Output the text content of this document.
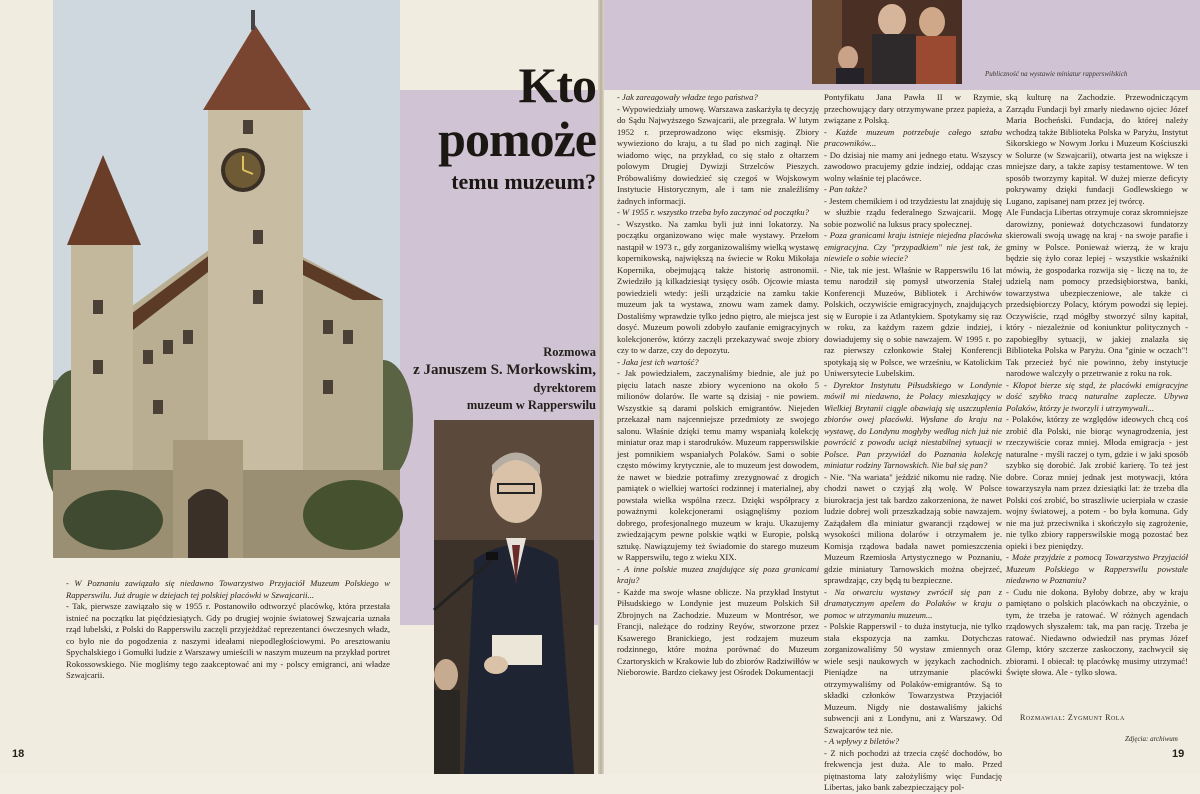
Kto
pomoże
temu muzeum?
Rozmowa
z Januszem S. Morkowskim,
dyrektorem
muzeum w Rapperswilu
Publiczność na wystawie miniatur rapperswilskich

- W Poznaniu zawiązało się niedawno Towarzystwo Przyjaciół Muzeum Polskiego w Rapperswilu. Już drugie w dziejach tej polskiej placówki w Szwajcarii...

- Tak, pierwsze zawiązało się w 1955 r. Postanowiło odtworzyć placówkę, która przestała istnieć na początku lat pięćdziesiątych. Gdy po drugiej wojnie światowej Szwajcaria uznała rząd lubelski, z Polski do Rapperswilu zaczęli przyjeżdżać reprezentanci ówczesnych władz, co było nie do pogodzenia z naszymi ideałami niepodległościowymi. Po aresztowaniu Spychalskiego i Gomułki ludzie z Warszawy umieścili w naszym muzeum na przykład portret Rokossowskiego. Nie mogliśmy tego zaakceptować ani my - polscy emigranci, ani władze Szwajcarii.

- Jak zareagowały władze tego państwa?

- Wypowiedziały umowę. Warszawa zaskarżyła tę decyzję do Sądu Najwyższego Szwajcarii, ale przegrała. W lutym 1952 r. przeprowadzono więc eksmisję. Zbiory wywieziono do kraju, a tu ślad po nich zaginął. Nie wiadomo więc, na przykład, co się stało z ołtarzem polowym Drugiej Dywizji Strzelców Pieszych. Próbowaliśmy dowiedzieć się czegoś w Wojskowym Instytucie Historycznym, ale i tam nie znaleźliśmy żadnych informacji.

- W 1955 r. wszystko trzeba było zaczynać od początku?

- Wszystko. Na zamku byli już inni lokatorzy. Na początku organizowano więc małe wystawy. Przełom nastąpił w 1973 r., gdy zorganizowaliśmy wielką wystawę kopernikowską, największą na świecie w Roku Mikołaja Kopernika, obejmującą także historię astronomii. Zwiedziło ją kilkadziesiąt tysięcy osób. Ojcowie miasta powiedzieli wtedy: jeśli urządzicie na zamku takie muzeum jak ta wystawa, znowu wam zamek damy. Dostaliśmy wprawdzie tylko jedno piętro, ale miejsca jest dosyć. Muzeum powoli zdobyło zaufanie emigracyjnych kolekcjonerów, którzy zaczęli przekazywać swoje zbiory czy to w darze, czy do depozytu.

- Jaka jest ich wartość?

- Jak powiedziałem, zaczynaliśmy biednie, ale już po pięciu latach nasze zbiory wyceniono na około 5 milionów dolarów. Ile warte są dzisiaj - nie powiem. Wszystkie są darami polskich emigrantów. Niejeden przekazał nam najcenniejsze przedmioty ze swojego salonu. Właśnie dzięki temu mamy wspaniałą kolekcję miniatur oraz map i starodruków. Muzeum rapperswilskie jest pomnikiem wspaniałych Polaków. Sami o sobie często mówimy krytycznie, ale to muzeum jest dowodem, że nawet w biedzie potrafimy zrezygnować z drogich pamiątek o wielkiej wartości rodzinnej i materialnej, aby powstała wielka wspólna rzecz. Dzięki współpracy z poważnymi kolekcjonerami osiągnęliśmy poziom dobrego, profesjonalnego muzeum w kraju. Ukazujemy zwiedzającym pewne polskie wątki w Europie, polską sztukę. Nawiązujemy też świadomie do starego muzeum w Rapperswilu, tego z wieku XIX.

- A inne polskie muzea znajdujące się poza granicami kraju?

- Każde ma swoje własne oblicze. Na przykład Instytut Piłsudskiego w Londynie jest muzeum Polskich Sił Zbrojnych na Zachodzie. Muzeum w Montrésor, we Francji, należące do rodziny Reyów, stworzone przez Ksawerego Branickiego, jest rodzajem muzeum rodzinnego, które można porównać do Muzeum Czartoryskich w Krakowie lub do zbiorów Radziwiłłów w Nieborowie. Bardzo ciekawy jest Ośrodek Dokumentacji

Pontyfikatu Jana Pawła II w Rzymie, przechowujący dary otrzymywane przez papieża, a związane z Polską.

- Każde muzeum potrzebuje całego sztabu pracowników...

- Do dzisiaj nie mamy ani jednego etatu. Wszyscy zawodowo pracujemy gdzie indziej, oddając czas wolny właśnie tej placówce.

- Pan także?

- Jestem chemikiem i od trzydziestu lat znajduję się w służbie rządu federalnego Szwajcarii. Mogę sobie pozwolić na luksus pracy społecznej.

- Poza granicami kraju istnieje niejedna placówka emigracyjna. Czy "przypadkiem" nie jest tak, że niewiele o sobie wiecie?

- Nie, tak nie jest. Właśnie w Rapperswilu 16 lat temu narodził się pomysł utworzenia Stałej Konferencji Muzeów, Bibliotek i Archiwów Polskich, oczywiście emigracyjnych, znajdujących się w Europie i za Atlantykiem. Spotykamy się raz w roku, za każdym razem gdzie indziej, i dowiadujemy się o sobie nawzajem. W 1995 r. po raz pierwszy członkowie Stałej Konferencji spotykają się w Polsce, we wrześniu, w Katolickim Uniwersytecie Lubelskim.

- Dyrektor Instytutu Piłsudskiego w Londynie mówił mi niedawno, że Polacy mieszkający w Wielkiej Brytanii ciągle obawiają się uszczuplenia zbiorów owej placówki. Wysłane do kraju na wystawę, do Londynu mogłyby według nich już nie powrócić z powodu uciąż niestabilnej sytuacji w Polsce. Pan przywiózł do Poznania kolekcję miniatur rodziny Tarnowskich. Nie bał się pan?

- Nie. "Na wariata" jeździć nikomu nie radzę. Nie chodzi nawet o czyjąś złą wolę. W Polsce biurokracja jest tak bardzo zakorzeniona, że nawet ludzie dobrej woli przeszkadzają sobie nawzajem. Zażądałem dla miniatur gwarancji rządowej w wysokości miliona dolarów i otrzymałem je. Komisja rządowa badała nawet pomieszczenia Muzeum Rzemiosła Artystycznego w Poznaniu, gdzie miniatury Tarnowskich można obejrzeć, sprawdzając, czy będą tu bezpieczne.

- Na otwarciu wystawy zwrócił się pan z dramatycznym apelem do Polaków w kraju o pomoc w utrzymaniu muzeum...

- Polskie Rapperswil - to duża instytucja, nie tylko stała ekspozycja na zamku. Dotychczas zorganizowaliśmy 50 wystaw zmiennych oraz wiele sesji naukowych w językach zachodnich. Pieniądze na utrzymanie placówki otrzymywaliśmy od Polaków-emigrantów. Są to składki członków Towarzystwa Przyjaciół Muzeum. Nigdy nie dostawaliśmy jakichś subwencji ani z Londynu, ani z Warszawy. Od Szwajcarów też nie.

- A wpływy z biletów?

- Z nich pochodzi aż trzecia część dochodów, bo frekwencja jest duża. Ale to mało. Przed piętnastoma laty założyliśmy więc Fundację Libertas, jako bank zabezpieczający pol-

ską kulturę na Zachodzie. Przewodniczącym Zarządu Fundacji był zmarły niedawno ojciec Józef Maria Bocheński. Fundacja, do której należy wchodzą także Biblioteka Polska w Paryżu, Instytut Sikorskiego w Nowym Jorku i Muzeum Kościuszki w Solurze (w Szwajcarii), otwarta jest na większe i mniejsze dary, a także zapisy testamentowe. W ten sposób tworzymy kapitał. W dużej mierze deficyty pokrywamy dzięki fundacji Godlewskiego w Lugano, zapisanej nam przez jej twórcę.

Ale Fundacja Libertas otrzymuje coraz skromniejsze darowizny, ponieważ dotychczasowi fundatorzy skierowali swoją uwagę na kraj - na swoje parafie i gminy w Polsce. Ponieważ wierzą, że w kraju będzie się żyło coraz lepiej - wszystkie wskaźniki mówią, że gospodarka rozwija się - liczę na to, że udzielą nam pomocy przedsiębiorstwa, banki, towarzystwa ubezpieczeniowe, ale także ci przedsiębiorczy Polacy, którym powodzi się lepiej. Oczywiście, rząd mógłby stworzyć silny kapitał, który - niezależnie od koniunktur politycznych - zapobiegłby sytuacji, w jakiej znalazła się Biblioteka Polska w Paryżu. Ona "ginie w oczach"! Tak przecież być nie powinno, żeby instytucje narodowe walczyły o przetrwanie z roku na rok.

- Kłopot bierze się stąd, że placówki emigracyjne dość szybko tracą naturalne zaplecze. Ubywa Polaków, którzy je tworzyli i utrzymywali...

- Polaków, którzy ze względów ideowych chcą coś zrobić dla Polski, nie biorąc wynagrodzenia, jest rzeczywiście coraz mniej. Młoda emigracja - jest naturalne - myśli raczej o tym, gdzie i w jaki sposób szybko się dorobić. Jak zrobić karierę. To też jest dobre. Coraz mniej jednak jest motywacji, która towarzyszyła nam przez dziesiątki lat: że trzeba dla Polski coś zrobić, bo straszliwie ucierpiała w czasie wojny światowej, a potem - bo była komuna. Gdy nie ma już przeciwnika i skończyło się zagrożenie, nie tylko zbiory rapperswilskie mogą pozostać bez opieki i bez pieniędzy.

- Może przyjdzie z pomocą Towarzystwo Przyjaciół Muzeum Polskiego w Rapperswilu powstałe niedawno w Poznaniu?

- Cudu nie dokona. Byłoby dobrze, aby w kraju pamiętano o polskich placówkach na obczyźnie, o tym, że trzeba je ratować. W różnych agendach rządowych słyszałem: tak, ma pan rację. Trzeba je ratować. Niedawno odwiedził nas prymas Józef Glemp, który szczerze zaskoczony, zachwycił się zbiorami. I obiecał: tę placówkę musimy utrzymać! Święte słowa. Ale - tylko słowa.

18	19
Rozmawiał: Zygmunt Rola
Zdjęcia: archiwum
